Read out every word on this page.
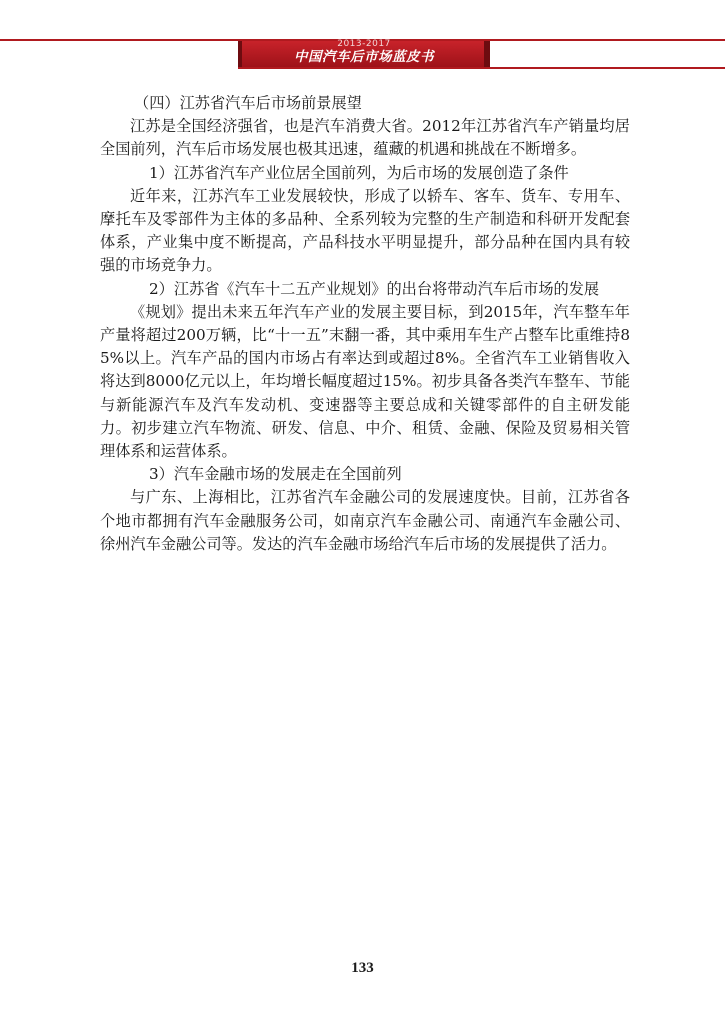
2013-2017
中国汽车后市场蓝皮书

（四）江苏省汽车后市场前景展望

江苏是全国经济强省，也是汽车消费大省。2012年江苏省汽车产销量均居全国前列，汽车后市场发展也极其迅速，蕴藏的机遇和挑战在不断增多。

1）江苏省汽车产业位居全国前列，为后市场的发展创造了条件

近年来，江苏汽车工业发展较快，形成了以轿车、客车、货车、专用车、摩托车及零部件为主体的多品种、全系列较为完整的生产制造和科研开发配套体系，产业集中度不断提高，产品科技水平明显提升，部分品种在国内具有较强的市场竞争力。

2）江苏省《汽车十二五产业规划》的出台将带动汽车后市场的发展

《规划》提出未来五年汽车产业的发展主要目标，到2015年，汽车整车年产量将超过200万辆，比“十一五”末翻一番，其中乘用车生产占整车比重维持85%以上。汽车产品的国内市场占有率达到或超过8%。全省汽车工业销售收入将达到8000亿元以上，年均增长幅度超过15%。初步具备各类汽车整车、节能与新能源汽车及汽车发动机、变速器等主要总成和关键零部件的自主研发能力。初步建立汽车物流、研发、信息、中介、租赁、金融、保险及贸易相关管理体系和运营体系。

3）汽车金融市场的发展走在全国前列

与广东、上海相比，江苏省汽车金融公司的发展速度快。目前，江苏省各个地市都拥有汽车金融服务公司，如南京汽车金融公司、南通汽车金融公司、徐州汽车金融公司等。发达的汽车金融市场给汽车后市场的发展提供了活力。

133
